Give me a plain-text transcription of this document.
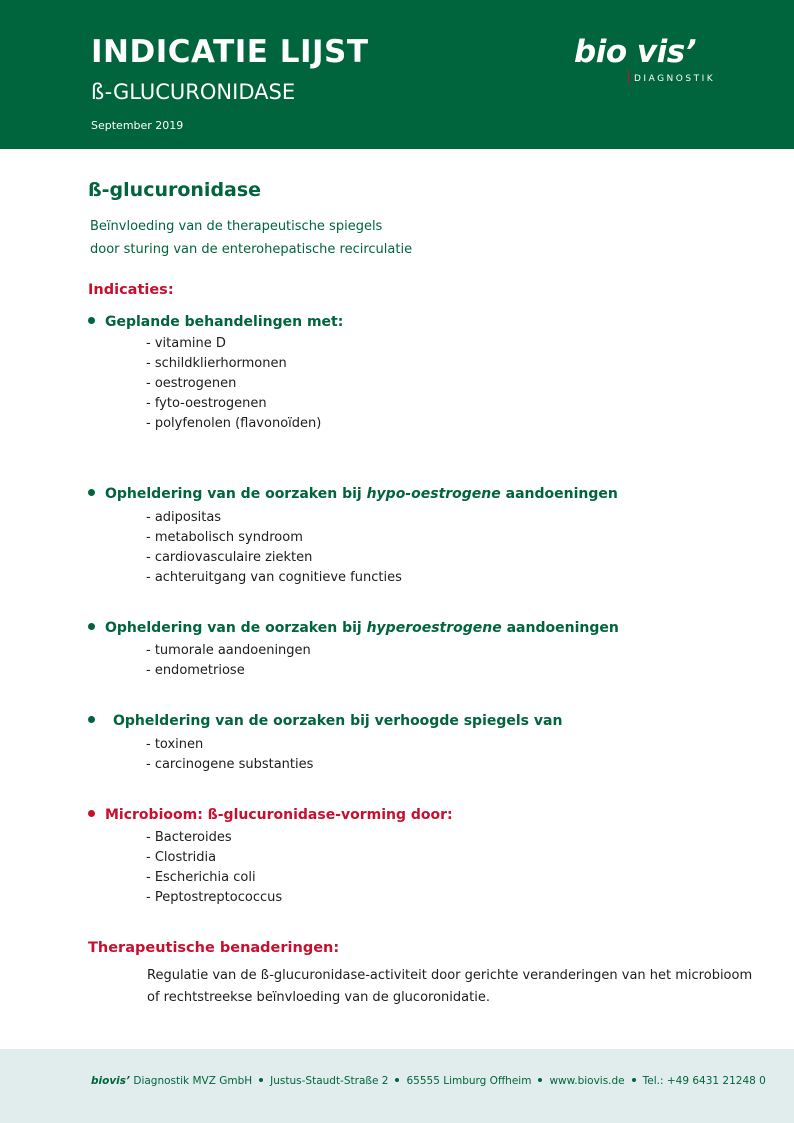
INDICATIE LIJST
ß-GLUCURONIDASE
September 2019
bio vis’
DIAGNOSTIK
ß-glucuronidase
Beïnvloeding van de therapeutische spiegels
door sturing van de enterohepatische recirculatie
Indicaties:
Geplande behandelingen met:
- vitamine D
- schildklierhormonen
- oestrogenen
- fyto-oestrogenen
- polyfenolen (flavonoïden)
Opheldering van de oorzaken bij hypo-oestrogene aandoeningen
- adipositas
- metabolisch syndroom
- cardiovasculaire ziekten
- achteruitgang van cognitieve functies
Opheldering van de oorzaken bij hyperoestrogene aandoeningen
- tumorale aandoeningen
- endometriose
Opheldering van de oorzaken bij verhoogde spiegels van
- toxinen
- carcinogene substanties
Microbioom: ß-glucuronidase-vorming door:
- Bacteroides
- Clostridia
- Escherichia coli
- Peptostreptococcus
Therapeutische benaderingen:
Regulatie van de ß-glucuronidase-activiteit door gerichte veranderingen van het microbioom of rechtstreekse beïnvloeding van de glucoronidatie.
biovis’ Diagnostik MVZ GmbH Justus-Staudt-Straße 2 65555 Limburg Offheim www.biovis.de Tel.: +49 6431 21248 0
